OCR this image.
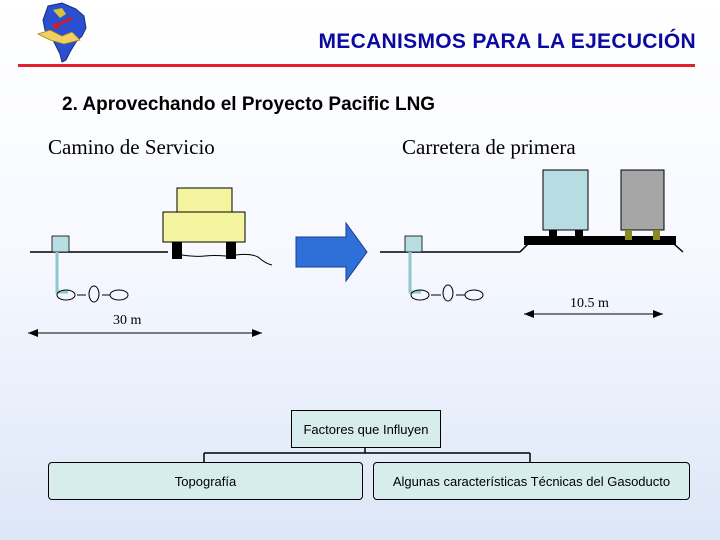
MECANISMOS PARA LA EJECUCIÓN
2. Aprovechando el Proyecto Pacific LNG
Camino de Servicio	Carretera de primera
30 m
10.5 m
Factores que Influyen
Topografía	Algunas características Técnicas del Gasoducto
